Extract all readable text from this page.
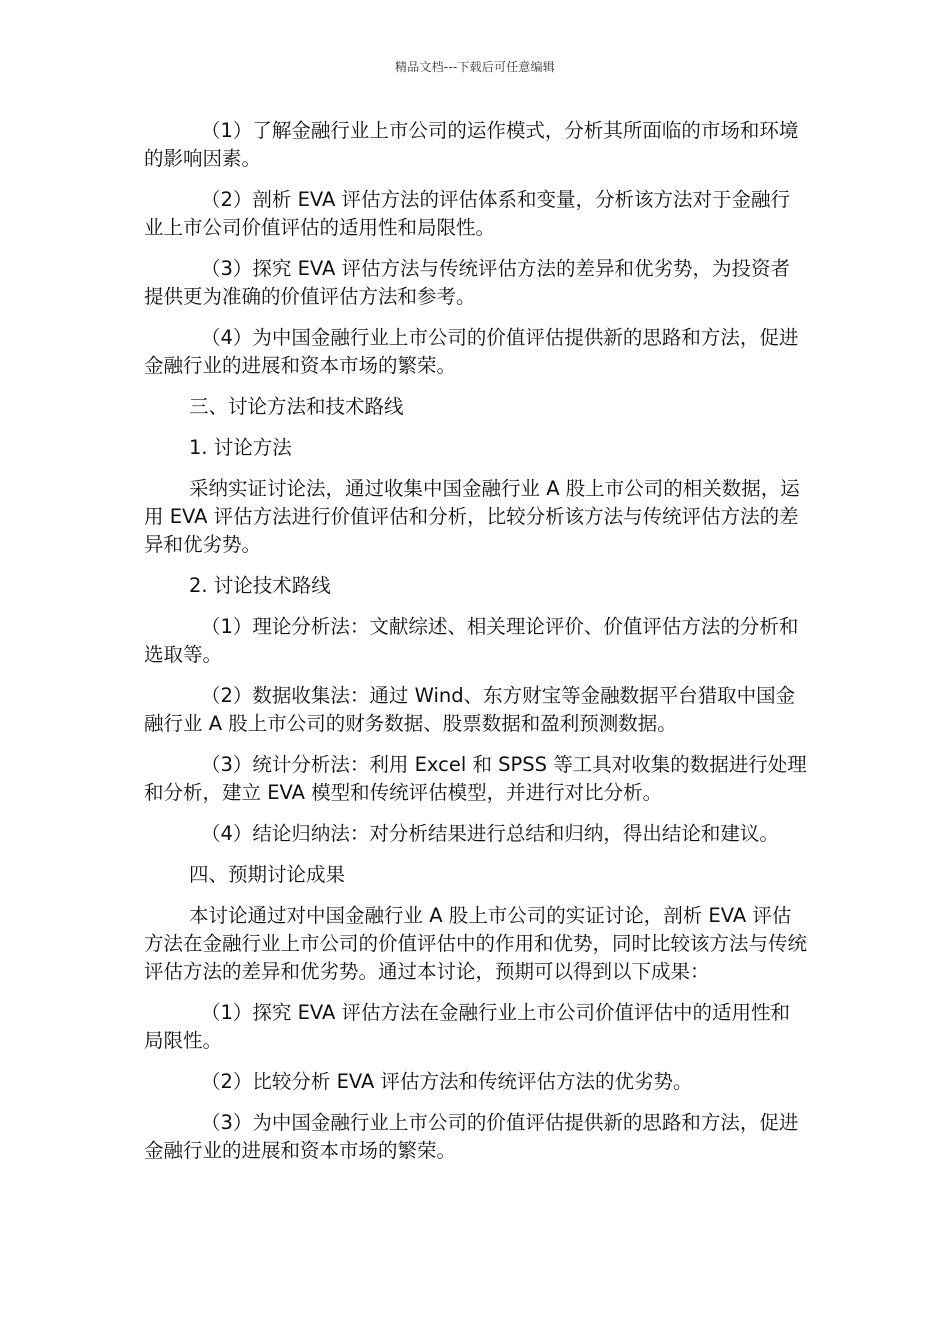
精品文档---下载后可任意编辑

（1）了解金融行业上市公司的运作模式，分析其所面临的市场和环境的影响因素。

（2）剖析 EVA 评估方法的评估体系和变量，分析该方法对于金融行业上市公司价值评估的适用性和局限性。

（3）探究 EVA 评估方法与传统评估方法的差异和优劣势，为投资者提供更为准确的价值评估方法和参考。

（4）为中国金融行业上市公司的价值评估提供新的思路和方法，促进金融行业的进展和资本市场的繁荣。

三、讨论方法和技术路线

1. 讨论方法

采纳实证讨论法，通过收集中国金融行业 A 股上市公司的相关数据，运用 EVA 评估方法进行价值评估和分析，比较分析该方法与传统评估方法的差异和优劣势。

2. 讨论技术路线

（1）理论分析法：文献综述、相关理论评价、价值评估方法的分析和选取等。

（2）数据收集法：通过 Wind、东方财宝等金融数据平台猎取中国金融行业 A 股上市公司的财务数据、股票数据和盈利预测数据。

（3）统计分析法：利用 Excel 和 SPSS 等工具对收集的数据进行处理和分析，建立 EVA 模型和传统评估模型，并进行对比分析。

（4）结论归纳法：对分析结果进行总结和归纳，得出结论和建议。

四、预期讨论成果

本讨论通过对中国金融行业 A 股上市公司的实证讨论，剖析 EVA 评估方法在金融行业上市公司的价值评估中的作用和优势，同时比较该方法与传统评估方法的差异和优劣势。通过本讨论，预期可以得到以下成果：

（1）探究 EVA 评估方法在金融行业上市公司价值评估中的适用性和局限性。

（2）比较分析 EVA 评估方法和传统评估方法的优劣势。

（3）为中国金融行业上市公司的价值评估提供新的思路和方法，促进金融行业的进展和资本市场的繁荣。
